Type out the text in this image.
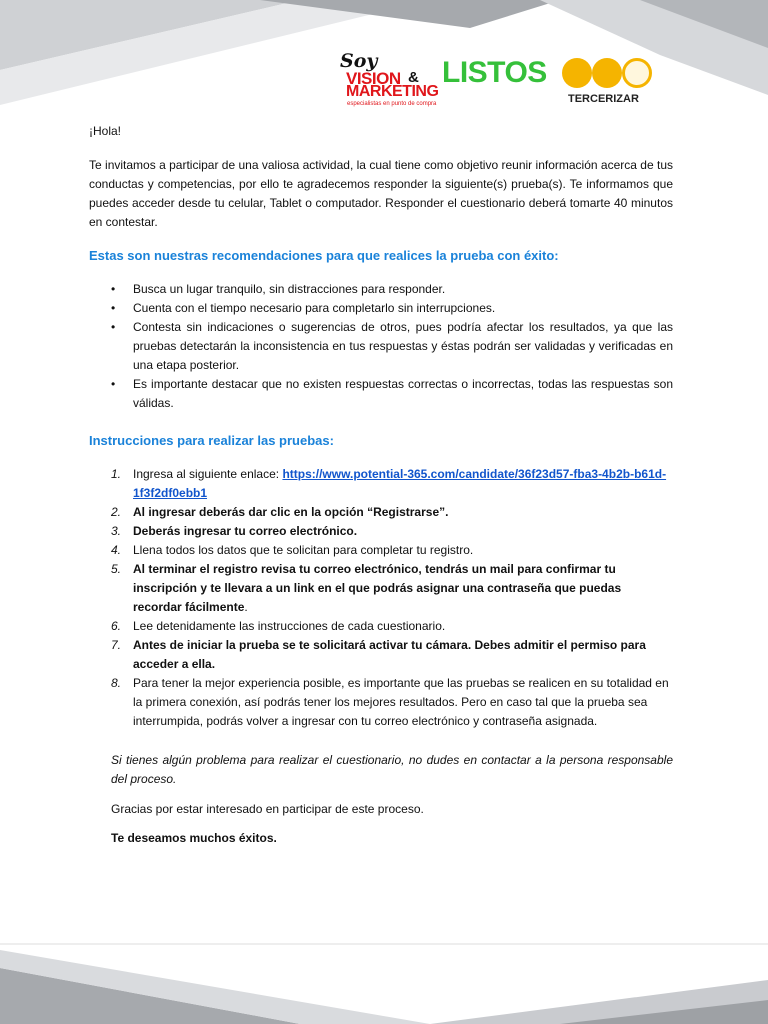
Soy
VISION &
MARKETING
especialistas en punto de compra
LISTOS
TERCERIZAR

¡Hola!

Te invitamos a participar de una valiosa actividad, la cual tiene como objetivo reunir información acerca de tus conductas y competencias, por ello te agradecemos responder la siguiente(s) prueba(s). Te informamos que puedes acceder desde tu celular, Tablet o computador. Responder el cuestionario deberá tomarte 40 minutos en contestar.

Estas son nuestras recomendaciones para que realices la prueba con éxito:

• Busca un lugar tranquilo, sin distracciones para responder.
• Cuenta con el tiempo necesario para completarlo sin interrupciones.
• Contesta sin indicaciones o sugerencias de otros, pues podría afectar los resultados, ya que las pruebas detectarán la inconsistencia en tus respuestas y éstas podrán ser validadas y verificadas en una etapa posterior.
• Es importante destacar que no existen respuestas correctas o incorrectas, todas las respuestas son válidas.

Instrucciones para realizar las pruebas:

1. Ingresa al siguiente enlace: https://www.potential-365.com/candidate/36f23d57-fba3-4b2b-b61d-1f3f2df0ebb1
2. Al ingresar deberás dar clic en la opción “Registrarse”.
3. Deberás ingresar tu correo electrónico.
4. Llena todos los datos que te solicitan para completar tu registro.
5. Al terminar el registro revisa tu correo electrónico, tendrás un mail para confirmar tu inscripción y te llevara a un link en el que podrás asignar una contraseña que puedas recordar fácilmente.
6. Lee detenidamente las instrucciones de cada cuestionario.
7. Antes de iniciar la prueba se te solicitará activar tu cámara. Debes admitir el permiso para acceder a ella.
8. Para tener la mejor experiencia posible, es importante que las pruebas se realicen en su totalidad en la primera conexión, así podrás tener los mejores resultados. Pero en caso tal que la prueba sea interrumpida, podrás volver a ingresar con tu correo electrónico y contraseña asignada.

Si tienes algún problema para realizar el cuestionario, no dudes en contactar a la persona responsable del proceso.

Gracias por estar interesado en participar de este proceso.

Te deseamos muchos éxitos.
